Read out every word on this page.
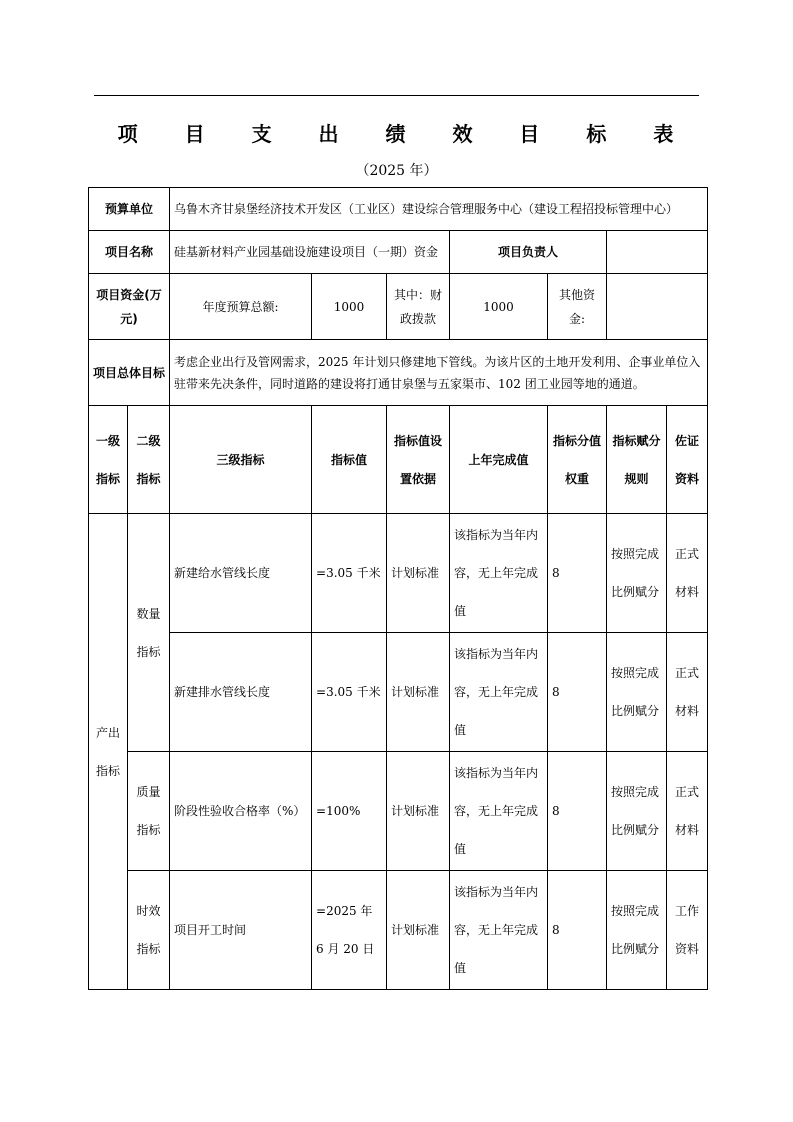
项 目 支 出 绩 效 目 标 表
（2025 年）
预算单位		乌鲁木齐甘泉堡经济技术开发区（工业区）建设综合管理服务中心（建设工程招投标管理中心）						
项目名称		硅基新材料产业园基础设施建设项目（一期）资金			项目负责人			
项目资金(万元)		年度预算总额:	1000	其中：财政拨款	1000	其他资金:		
项目总体目标		考虑企业出行及管网需求，2025 年计划只修建地下管线。为该片区的土地开发利用、企事业单位入驻带来先决条件，同时道路的建设将打通甘泉堡与五家渠市、102 团工业园等地的通道。						
一级指标	二级指标	三级指标	指标值	指标值设置依据	上年完成值	指标分值权重	指标赋分规则	佐证资料
产出指标	数量指标	新建给水管线长度	=3.05 千米	计划标准	该指标为当年内容，无上年完成值	8	按照完成比例赋分	正式材料
		新建排水管线长度	=3.05 千米	计划标准	该指标为当年内容，无上年完成值	8	按照完成比例赋分	正式材料
	质量指标	阶段性验收合格率（%）	=100%	计划标准	该指标为当年内容，无上年完成值	8	按照完成比例赋分	正式材料
	时效指标	项目开工时间	=2025 年 6 月 20 日	计划标准	该指标为当年内容，无上年完成值	8	按照完成比例赋分	工作资料
